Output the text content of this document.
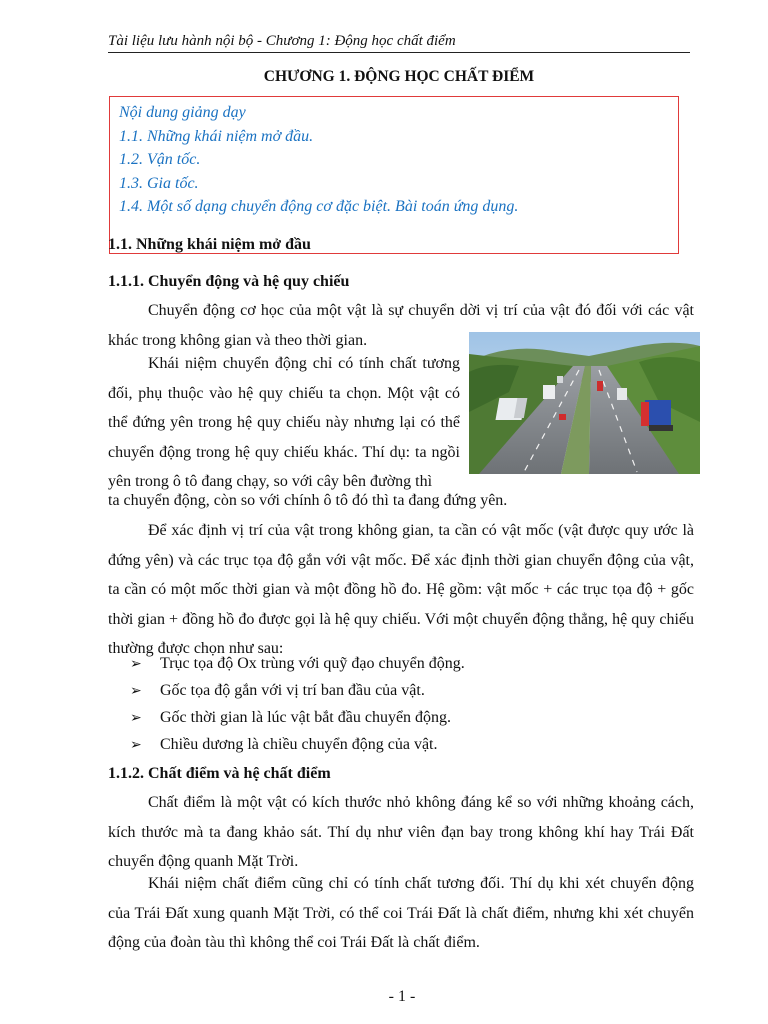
Tài liệu lưu hành nội bộ - Chương 1: Động học chất điểm
CHƯƠNG 1. ĐỘNG HỌC CHẤT ĐIỂM
Nội dung giảng dạy
1.1. Những khái niệm mở đầu.
1.2. Vận tốc.
1.3. Gia tốc.
1.4. Một số dạng chuyển động cơ đặc biệt. Bài toán ứng dụng.
1.1. Những khái niệm mở đầu
1.1.1. Chuyển động và hệ quy chiếu

Chuyển động cơ học của một vật là sự chuyển dời vị trí của vật đó đối với các vật khác trong không gian và theo thời gian.

Khái niệm chuyển động chỉ có tính chất tương đối, phụ thuộc vào hệ quy chiếu ta chọn. Một vật có thể đứng yên trong hệ quy chiếu này nhưng lại có thể chuyển động trong hệ quy chiếu khác. Thí dụ: ta ngồi yên trong ô tô đang chạy, so với cây bên đường thì

ta chuyển động, còn so với chính ô tô đó thì ta đang đứng yên.

Để xác định vị trí của vật trong không gian, ta cần có vật mốc (vật được quy ước là đứng yên) và các trục tọa độ gắn với vật mốc. Để xác định thời gian chuyển động của vật, ta cần có một mốc thời gian và một đồng hồ đo. Hệ gồm: vật mốc + các trục tọa độ + gốc thời gian + đồng hồ đo được gọi là hệ quy chiếu. Với một chuyển động thẳng, hệ quy chiếu thường được chọn như sau:

➢ Trục tọa độ Ox trùng với quỹ đạo chuyển động.
➢ Gốc tọa độ gắn với vị trí ban đầu của vật.
➢ Gốc thời gian là lúc vật bắt đầu chuyển động.
➢ Chiều dương là chiều chuyển động của vật.
1.1.2. Chất điểm và hệ chất điểm

Chất điểm là một vật có kích thước nhỏ không đáng kể so với những khoảng cách, kích thước mà ta đang khảo sát. Thí dụ như viên đạn bay trong không khí hay Trái Đất chuyển động quanh Mặt Trời.

Khái niệm chất điểm cũng chỉ có tính chất tương đối. Thí dụ khi xét chuyển động của Trái Đất xung quanh Mặt Trời, có thể coi Trái Đất là chất điểm, nhưng khi xét chuyển động của đoàn tàu thì không thể coi Trái Đất là chất điểm.

- 1 -
